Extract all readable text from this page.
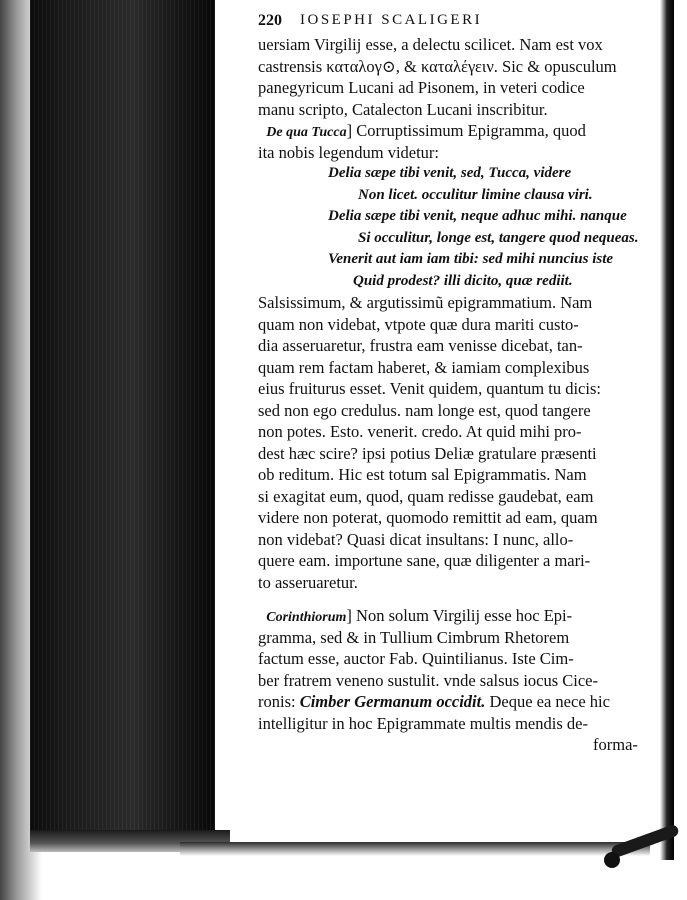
220 IOSEPHI SCALIGERI
uersiam Virgilij esse, a delectu scilicet. Nam est vox
castrensis καταλογ⊙, & καταλέγειν. Sic & opusculum
panegyricum Lucani ad Pisonem, in veteri codice
manu scripto, Catalecton Lucani inscribitur.
De qua Tucca] Corruptissimum Epigramma, quod
ita nobis legendum videtur:
Delia sæpe tibi venit, sed, Tucca, videre
Non licet. occulitur limine clausa viri.
Delia sæpe tibi venit, neque adhuc mihi. nanque
Si occulitur, longe est, tangere quod nequeas.
Venerit aut iam iam tibi: sed mihi nuncius iste
Quid prodest? illi dicito, quæ rediit.
Salsissimum, & argutissimũ epigrammatium. Nam
quam non videbat, vtpote quæ dura mariti custo-
dia asseruaretur, frustra eam venisse dicebat, tan-
quam rem factam haberet, & iamiam complexibus
eius fruiturus esset. Venit quidem, quantum tu dicis:
sed non ego credulus. nam longe est, quod tangere
non potes. Esto. venerit. credo. At quid mihi pro-
dest hæc scire? ipsi potius Deliæ gratulare præsenti
ob reditum. Hic est totum sal Epigrammatis. Nam
si exagitat eum, quod, quam redisse gaudebat, eam
videre non poterat, quomodo remittit ad eam, quam
non videbat? Quasi dicat insultans: I nunc, allo-
quere eam. importune sane, quæ diligenter a mari-
to asseruaretur.
Corinthiorum] Non solum Virgilij esse hoc Epi-
gramma, sed & in Tullium Cimbrum Rhetorem
factum esse, auctor Fab. Quintilianus. Iste Cim-
ber fratrem veneno sustulit. vnde salsus iocus Cice-
ronis: Cimber Germanum occidit. Deque ea nece hic
intelligitur in hoc Epigrammate multis mendis de-
forma-
